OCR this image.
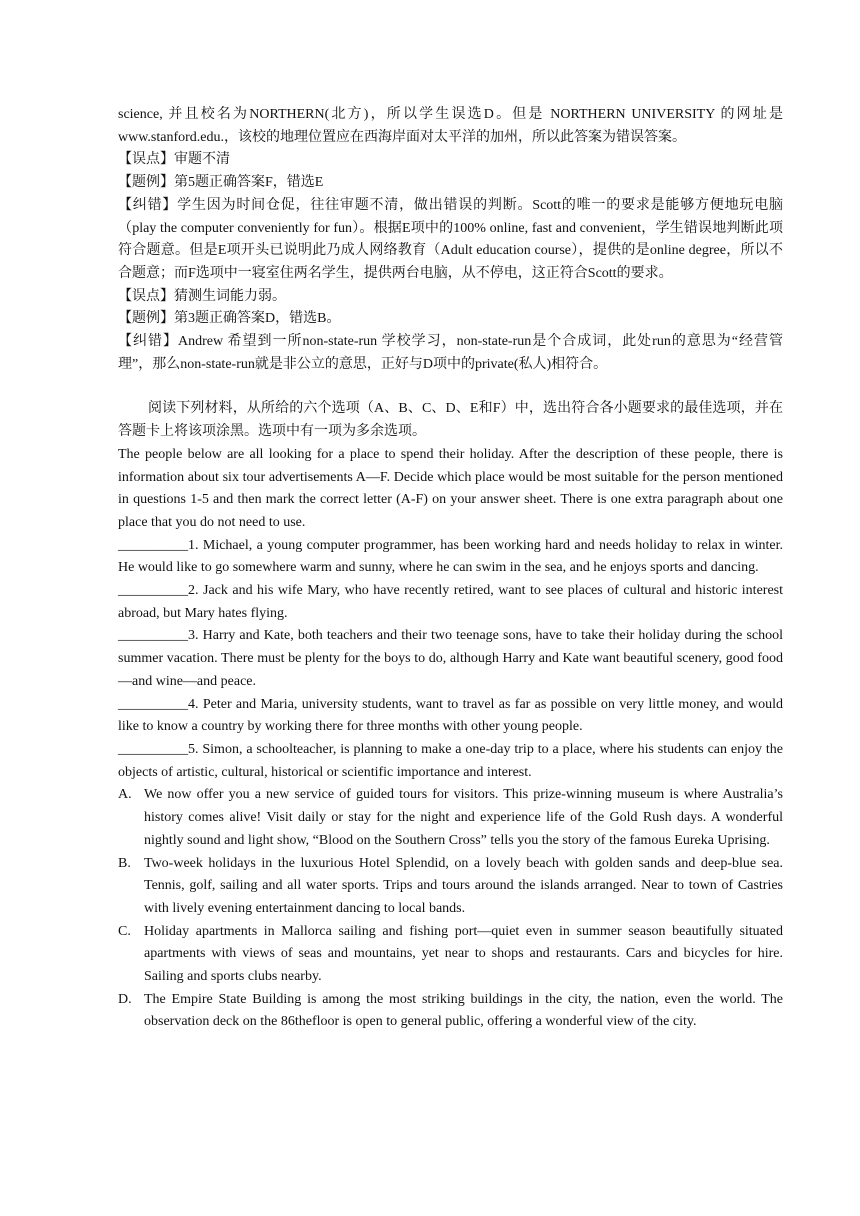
science, 并且校名为NORTHERN(北方)，所以学生误选D。但是 NORTHERN UNIVERSITY 的网址是www.stanford.edu.，该校的地理位置应在西海岸面对太平洋的加州，所以此答案为错误答案。

【误点】审题不清

【题例】第5题正确答案F，错选E

【纠错】学生因为时间仓促，往往审题不清，做出错误的判断。Scott的唯一的要求是能够方便地玩电脑（play the computer conveniently for fun）。根据E项中的100% online, fast and convenient，学生错误地判断此项符合题意。但是E项开头已说明此乃成人网络教育（Adult education course），提供的是online degree，所以不合题意；而F选项中一寝室住两名学生，提供两台电脑，从不停电，这正符合Scott的要求。

【误点】猜测生词能力弱。

【题例】第3题正确答案D，错选B。

【纠错】Andrew 希望到一所non-state-run 学校学习，non-state-run是个合成词，此处run的意思为“经营管理”，那么non-state-run就是非公立的意思，正好与D项中的private(私人)相符合。

阅读下列材料，从所给的六个选项（A、B、C、D、E和F）中，选出符合各小题要求的最佳选项，并在答题卡上将该项涂黑。选项中有一项为多余选项。

The people below are all looking for a place to spend their holiday. After the description of these people, there is information about six tour advertisements A—F. Decide which place would be most suitable for the person mentioned in questions 1-5 and then mark the correct letter (A-F) on your answer sheet. There is one extra paragraph about one place that you do not need to use.

__________1. Michael, a young computer programmer, has been working hard and needs holiday to relax in winter. He would like to go somewhere warm and sunny, where he can swim in the sea, and he enjoys sports and dancing.

__________2. Jack and his wife Mary, who have recently retired, want to see places of cultural and historic interest abroad, but Mary hates flying.

__________3. Harry and Kate, both teachers and their two teenage sons, have to take their holiday during the school summer vacation. There must be plenty for the boys to do, although Harry and Kate want beautiful scenery, good food—and wine—and peace.

__________4. Peter and Maria, university students, want to travel as far as possible on very little money, and would like to know a country by working there for three months with other young people.

__________5. Simon, a schoolteacher, is planning to make a one-day trip to a place, where his students can enjoy the objects of artistic, cultural, historical or scientific importance and interest.

A. We now offer you a new service of guided tours for visitors. This prize-winning museum is where Australia’s history comes alive! Visit daily or stay for the night and experience life of the Gold Rush days. A wonderful nightly sound and light show, “Blood on the Southern Cross” tells you the story of the famous Eureka Uprising.
B. Two-week holidays in the luxurious Hotel Splendid, on a lovely beach with golden sands and deep-blue sea. Tennis, golf, sailing and all water sports. Trips and tours around the islands arranged. Near to town of Castries with lively evening entertainment dancing to local bands.
C. Holiday apartments in Mallorca sailing and fishing port—quiet even in summer season beautifully situated apartments with views of seas and mountains, yet near to shops and restaurants. Cars and bicycles for hire. Sailing and sports clubs nearby.
D. The Empire State Building is among the most striking buildings in the city, the nation, even the world. The observation deck on the 86thefloor is open to general public, offering a wonderful view of the city.
